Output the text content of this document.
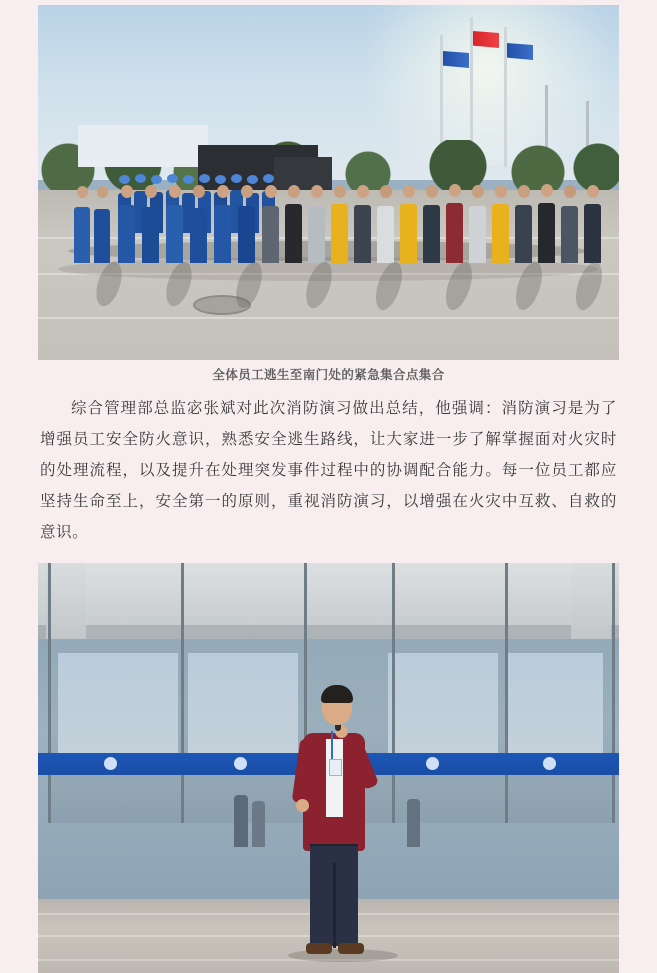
全体员工逃生至南门处的紧急集合点集合
综合管理部总监宓张斌对此次消防演习做出总结，他强调：消防演习是为了增强员工安全防火意识，熟悉安全逃生路线，让大家进一步了解掌握面对火灾时的处理流程，以及提升在处理突发事件过程中的协调配合能力。每一位员工都应坚持生命至上，安全第一的原则，重视消防演习，以增强在火灾中互救、自救的意识。
